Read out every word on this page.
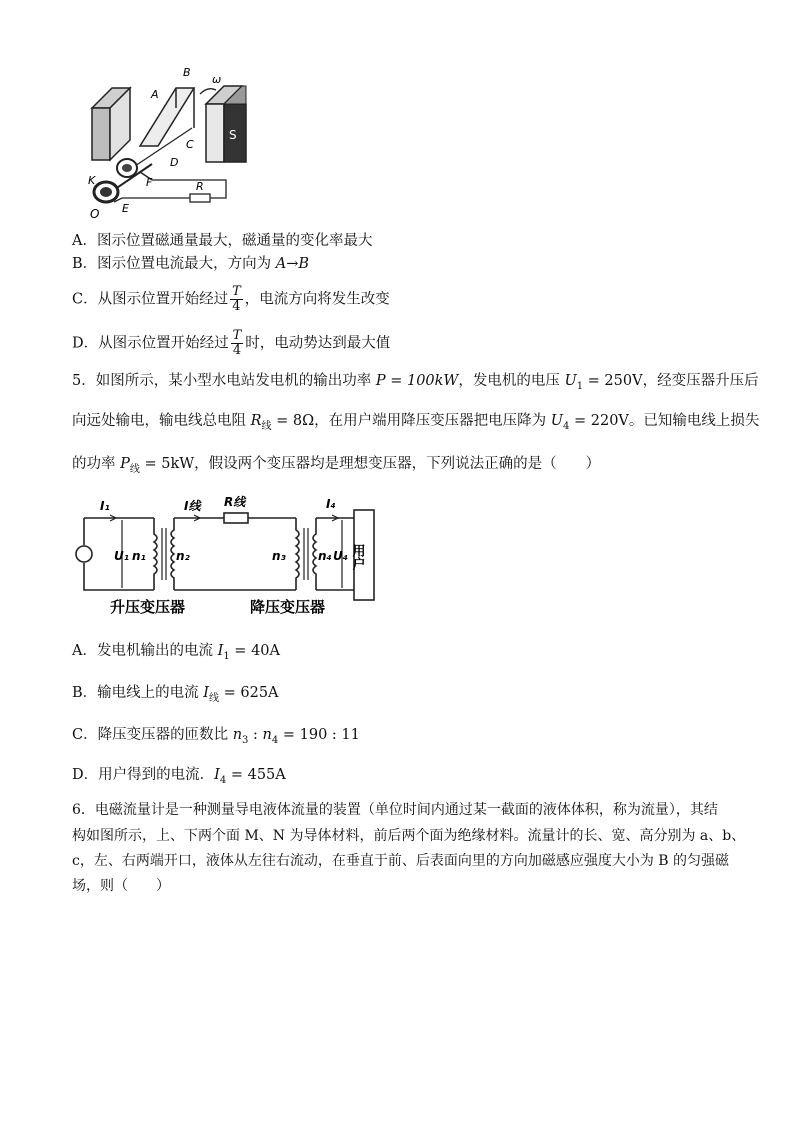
S
A
B
C
D
E
F
K
O
R
ω
A．图示位置磁通量最大，磁通量的变化率最大
B．图示位置电流最大，方向为 A→B
C．从图示位置开始经过 $\frac{T}{4}$ ，电流方向将发生改变
D．从图示位置开始经过 $\frac{T}{4}$ 时，电动势达到最大值
5．如图所示，某小型水电站发电机的输出功率 P = 100kW，发电机的电压 $U_1 = 250V$，经变压器升压后
向远处输电，输电线总电阻 $R_线 = 8\Omega$，在用户端用降压变压器把电压降为 $U_4 = 220V$。已知输电线上损失
的功率 $P_线 = 5kW$，假设两个变压器均是理想变压器，下列说法正确的是（　　）
I₁	I线 R线	I₄
U₁ n₁	n₂	n₃	n₄ U₄ 用户
升压变压器	降压变压器
A．发电机输出的电流 $I_1 = 40A$
B．输电线上的电流 $I_线 = 625A$
C．降压变压器的匝数比 $n_3$ : $n_4 = 190$ : 11
D．用户得到的电流．$I_4 = 455A$
6．电磁流量计是一种测量导电液体流量的装置（单位时间内通过某一截面的液体体积，称为流量），其结
构如图所示，上、下两个面 M、N 为导体材料，前后两个面为绝缘材料。流量计的长、宽、高分别为 a、b、
c，左、右两端开口，液体从左往右流动，在垂直于前、后表面向里的方向加磁感应强度大小为 B 的匀强磁
场，则（　　）
